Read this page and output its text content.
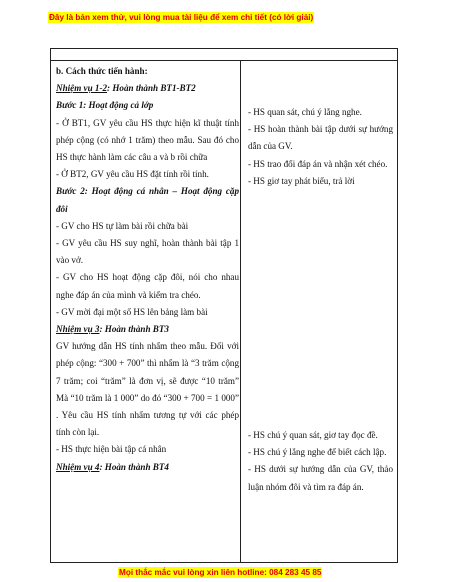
Đây là bản xem thử, vui lòng mua tài liệu để xem chi tiết (có lời giải)

b. Cách thức tiến hành:

Nhiệm vụ 1-2: Hoàn thành BT1-BT2

Bước 1: Hoạt động cả lớp

- Ở BT1, GV yêu cầu HS thực hiện kĩ thuật tính phép cộng (có nhớ 1 trăm) theo mẫu. Sau đó cho HS thực hành làm các câu a và b rồi chữa

- Ở BT2, GV yêu cầu HS đặt tính rồi tính.

Bước 2: Hoạt động cá nhân – Hoạt động cặp đôi

- GV cho HS tự làm bài rồi chữa bài

- GV yêu cầu HS suy nghĩ, hoàn thành bài tập 1 vào vở.

- GV cho HS hoạt động cặp đôi, nói cho nhau nghe đáp án của mình và kiểm tra chéo.

- GV mời đại một số HS lên bảng làm bài

Nhiệm vụ 3: Hoàn thành BT3

GV hướng dẫn HS tính nhẩm theo mẫu. Đối với phép cộng: “300 + 700” thì nhẩm là “3 trăm cộng 7 trăm; coi “trăm” là đơn vị, sẽ được “10 trăm” Mà “10 trăm là 1 000” do đó “300 + 700 = 1 000” . Yêu cầu HS tính nhẩm tương tự với các phép tính còn lại.

- HS thực hiện bài tập cá nhân

Nhiệm vụ 4: Hoàn thành BT4

- HS quan sát, chú ý lắng nghe.

- HS hoàn thành bài tập dưới sự hướng dẫn của GV.

- HS trao đổi đáp án và nhận xét chéo.

- HS giơ tay phát biểu, trả lời

- HS chú ý quan sát, giơ tay đọc đề.

- HS chú ý lắng nghe để biết cách lập.

- HS dưới sự hướng dẫn của GV, thảo luận nhóm đôi và tìm ra đáp án.

Mọi thắc mắc vui lòng xin liên hotline: 084 283 45 85
